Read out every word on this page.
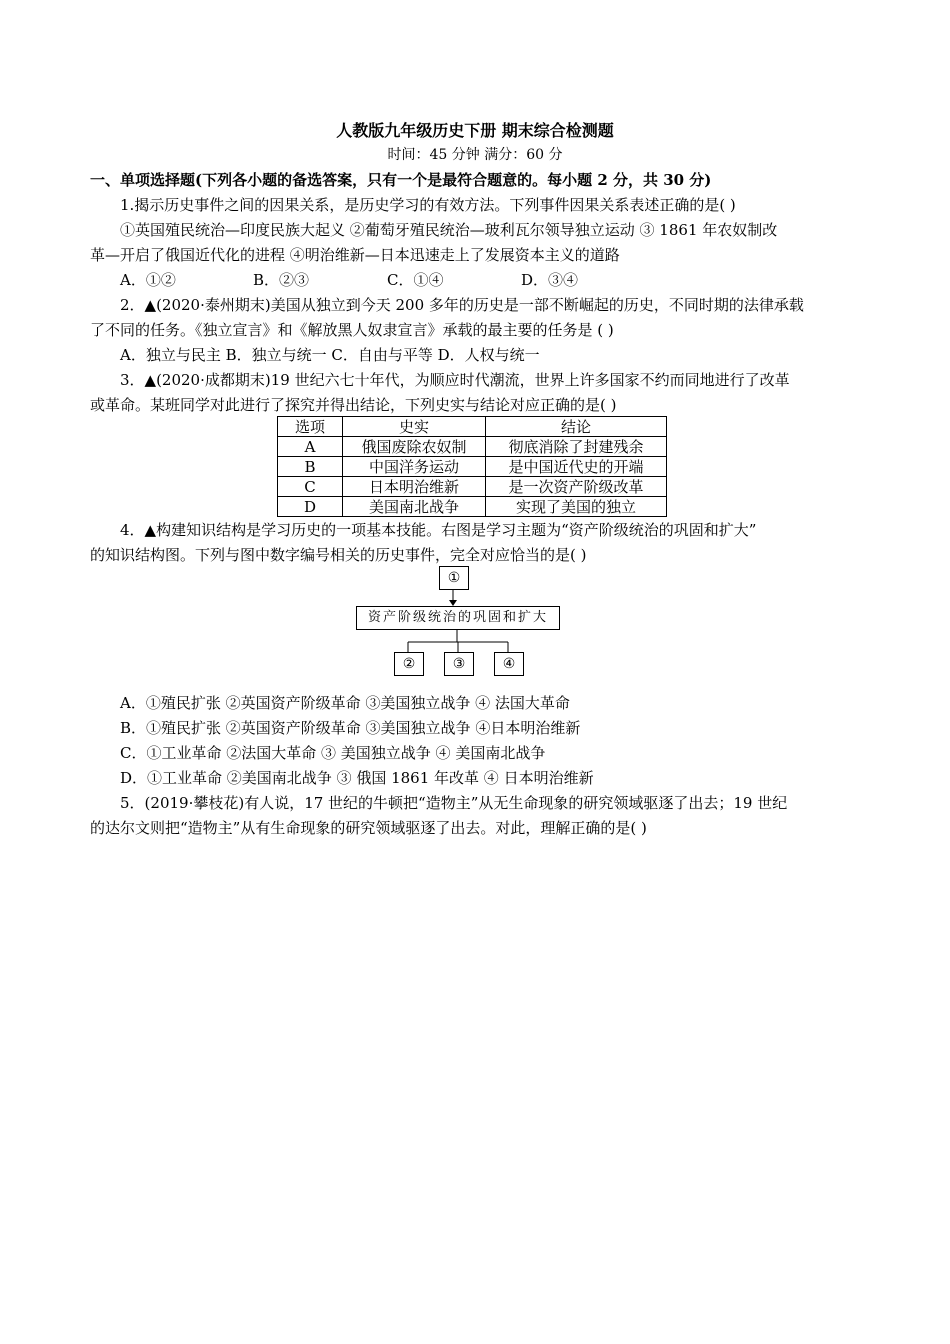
人教版九年级历史下册 期末综合检测题
时间：45 分钟 满分：60 分
一、单项选择题(下列各小题的备选答案，只有一个是最符合题意的。每小题 2 分，共 30 分)
1.揭示历史事件之间的因果关系，是历史学习的有效方法。下列事件因果关系表述正确的是( )
①英国殖民统治—印度民族大起义 ②葡萄牙殖民统治—玻利瓦尔领导独立运动 ③ 1861 年农奴制改
革—开启了俄国近代化的进程 ④明治维新—日本迅速走上了发展资本主义的道路
A．①②	B．②③	C．①④	D．③④
2．▲(2020·泰州期末)美国从独立到今天 200 多年的历史是一部不断崛起的历史，不同时期的法律承载
了不同的任务。《独立宣言》和《解放黑人奴隶宣言》承载的最主要的任务是 ( )
A．独立与民主 B．独立与统一 C．自由与平等 D．人权与统一
3．▲(2020·成都期末)19 世纪六七十年代，为顺应时代潮流，世界上许多国家不约而同地进行了改革
或革命。某班同学对此进行了探究并得出结论，下列史实与结论对应正确的是( )
选项	史实	结论
A	俄国废除农奴制	彻底消除了封建残余
B	中国洋务运动	是中国近代史的开端
C	日本明治维新	是一次资产阶级改革
D	美国南北战争	实现了美国的独立
4．▲构建知识结构是学习历史的一项基本技能。右图是学习主题为“资产阶级统治的巩固和扩大”
的知识结构图。下列与图中数字编号相关的历史事件，完全对应恰当的是( )
①
资产阶级统治的巩固和扩大
②	③	④
A．①殖民扩张 ②英国资产阶级革命 ③美国独立战争 ④ 法国大革命
B．①殖民扩张 ②英国资产阶级革命 ③美国独立战争 ④日本明治维新
C．①工业革命 ②法国大革命 ③ 美国独立战争 ④ 美国南北战争
D．①工业革命 ②美国南北战争 ③ 俄国 1861 年改革 ④ 日本明治维新
5．(2019·攀枝花)有人说，17 世纪的牛顿把“造物主”从无生命现象的研究领域驱逐了出去；19 世纪
的达尔文则把“造物主”从有生命现象的研究领域驱逐了出去。对此，理解正确的是( )
